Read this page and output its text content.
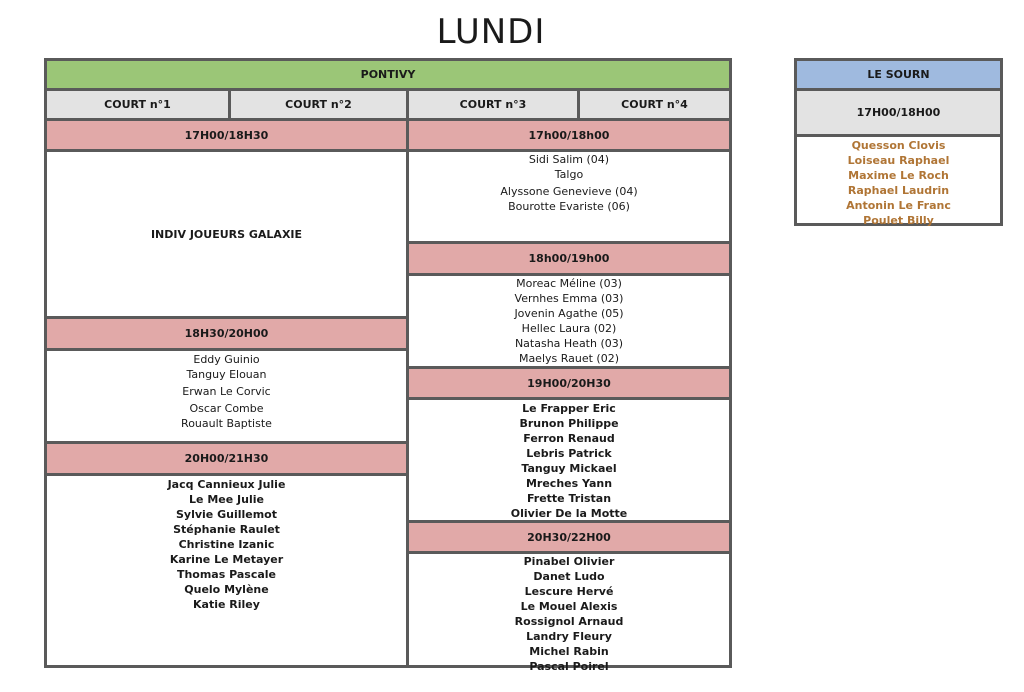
LUNDI
PONTIVY
COURT n°1	COURT n°2	COURT n°3	COURT n°4
17H00/18H30
INDIV JOUEURS GALAXIE
18H30/20H00
Eddy Guinio
Tanguy Elouan
Erwan Le Corvic
Oscar Combe
Rouault Baptiste
20H00/21H30
Jacq Cannieux Julie
Le Mee Julie
Sylvie Guillemot
Stéphanie Raulet
Christine Izanic
Karine Le Metayer
Thomas Pascale
Quelo Mylène
Katie Riley
17h00/18h00
Sidi Salim (04)
Talgo
Alyssone Genevieve (04)
Bourotte Evariste (06)
18h00/19h00
Moreac Méline (03)
Vernhes Emma (03)
Jovenin Agathe (05)
Hellec Laura (02)
Natasha Heath (03)
Maelys Rauet (02)
19H00/20H30
Le Frapper Eric
Brunon Philippe
Ferron Renaud
Lebris Patrick
Tanguy Mickael
Mreches Yann
Frette Tristan
Olivier De la Motte
20H30/22H00
Pinabel Olivier
Danet Ludo
Lescure Hervé
Le Mouel Alexis
Rossignol Arnaud
Landry Fleury
Michel Rabin
Pascal Poirel
LE SOURN
17H00/18H00
Quesson Clovis
Loiseau Raphael
Maxime Le Roch
Raphael Laudrin
Antonin Le Franc
Poulet Billy
